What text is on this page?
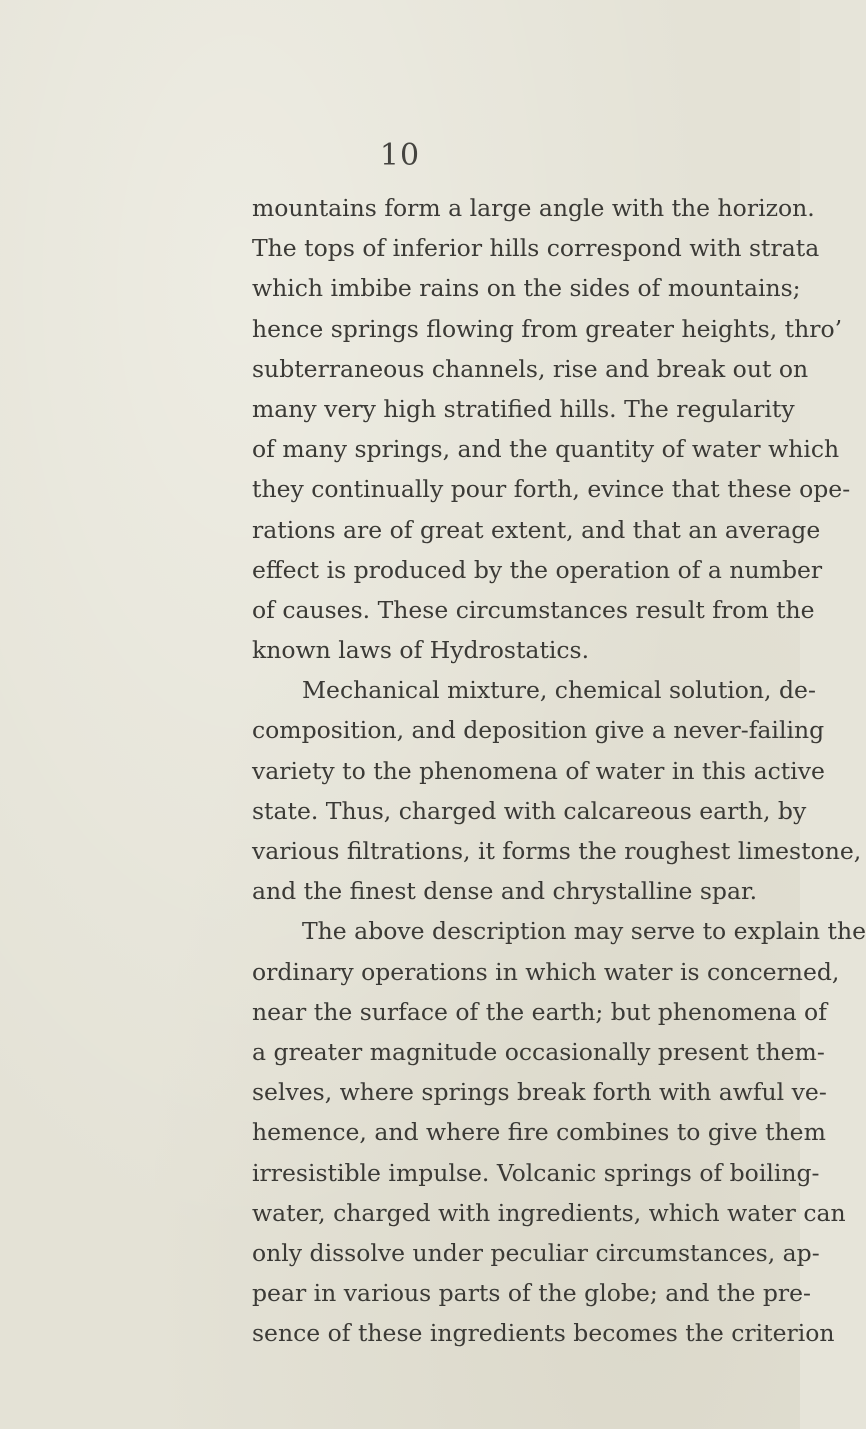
10
mountains form a large angle with the horizon.
The tops of inferior hills correspond with strata
which imbibe rains on the sides of mountains;
hence springs flowing from greater heights, thro’
subterraneous channels, rise and break out on
many very high stratified hills. The regularity
of many springs, and the quantity of water which
they continually pour forth, evince that these ope-
rations are of great extent, and that an average
effect is produced by the operation of a number
of causes. These circumstances result from the
known laws of Hydrostatics.
Mechanical mixture, chemical solution, de-
composition, and deposition give a never-failing
variety to the phenomena of water in this active
state. Thus, charged with calcareous earth, by
various filtrations, it forms the roughest limestone,
and the finest dense and chrystalline spar.
The above description may serve to explain the
ordinary operations in which water is concerned,
near the surface of the earth; but phenomena of
a greater magnitude occasionally present them-
selves, where springs break forth with awful ve-
hemence, and where fire combines to give them
irresistible impulse. Volcanic springs of boiling-
water, charged with ingredients, which water can
only dissolve under peculiar circumstances, ap-
pear in various parts of the globe; and the pre-
sence of these ingredients becomes the criterion
